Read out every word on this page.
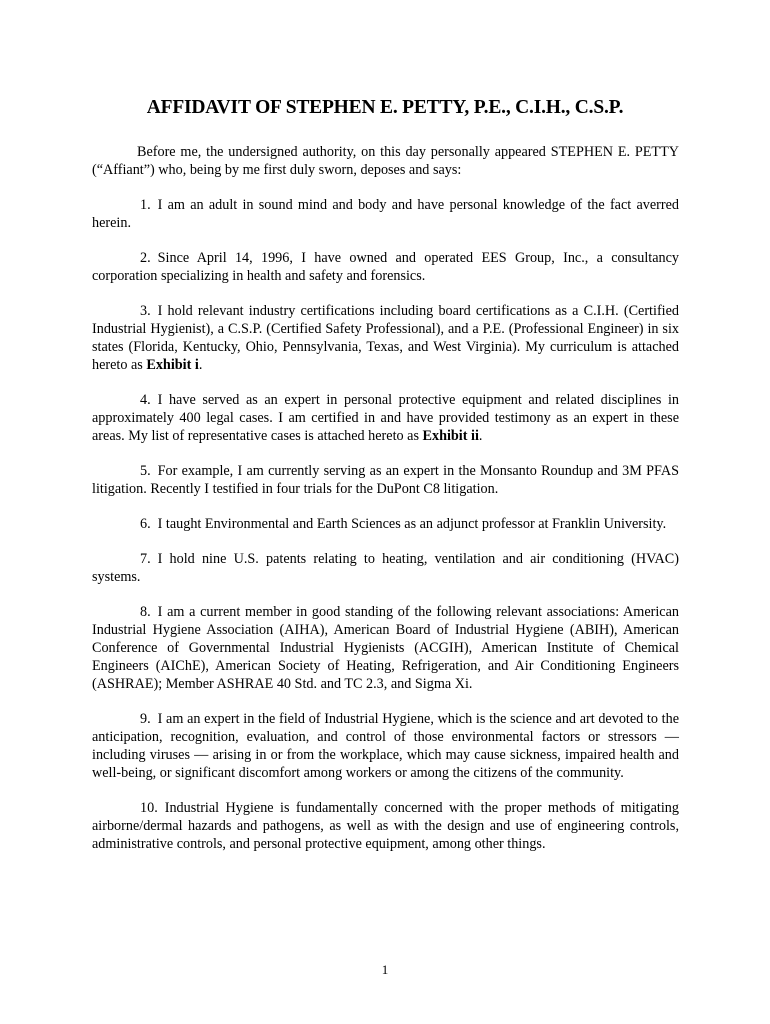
AFFIDAVIT OF STEPHEN E. PETTY, P.E., C.I.H., C.S.P.

Before me, the undersigned authority, on this day personally appeared STEPHEN E. PETTY (“Affiant”) who, being by me first duly sworn, deposes and says:

1. I am an adult in sound mind and body and have personal knowledge of the fact averred herein.

2. Since April 14, 1996, I have owned and operated EES Group, Inc., a consultancy corporation specializing in health and safety and forensics.

3. I hold relevant industry certifications including board certifications as a C.I.H. (Certified Industrial Hygienist), a C.S.P. (Certified Safety Professional), and a P.E. (Professional Engineer) in six states (Florida, Kentucky, Ohio, Pennsylvania, Texas, and West Virginia). My curriculum is attached hereto as Exhibit i.

4. I have served as an expert in personal protective equipment and related disciplines in approximately 400 legal cases. I am certified in and have provided testimony as an expert in these areas. My list of representative cases is attached hereto as Exhibit ii.

5. For example, I am currently serving as an expert in the Monsanto Roundup and 3M PFAS litigation. Recently I testified in four trials for the DuPont C8 litigation.

6. I taught Environmental and Earth Sciences as an adjunct professor at Franklin University.

7. I hold nine U.S. patents relating to heating, ventilation and air conditioning (HVAC) systems.

8. I am a current member in good standing of the following relevant associations: American Industrial Hygiene Association (AIHA), American Board of Industrial Hygiene (ABIH), American Conference of Governmental Industrial Hygienists (ACGIH), American Institute of Chemical Engineers (AIChE), American Society of Heating, Refrigeration, and Air Conditioning Engineers (ASHRAE); Member ASHRAE 40 Std. and TC 2.3, and Sigma Xi.

9. I am an expert in the field of Industrial Hygiene, which is the science and art devoted to the anticipation, recognition, evaluation, and control of those environmental factors or stressors — including viruses — arising in or from the workplace, which may cause sickness, impaired health and well-being, or significant discomfort among workers or among the citizens of the community.

10. Industrial Hygiene is fundamentally concerned with the proper methods of mitigating airborne/dermal hazards and pathogens, as well as with the design and use of engineering controls, administrative controls, and personal protective equipment, among other things.

1
